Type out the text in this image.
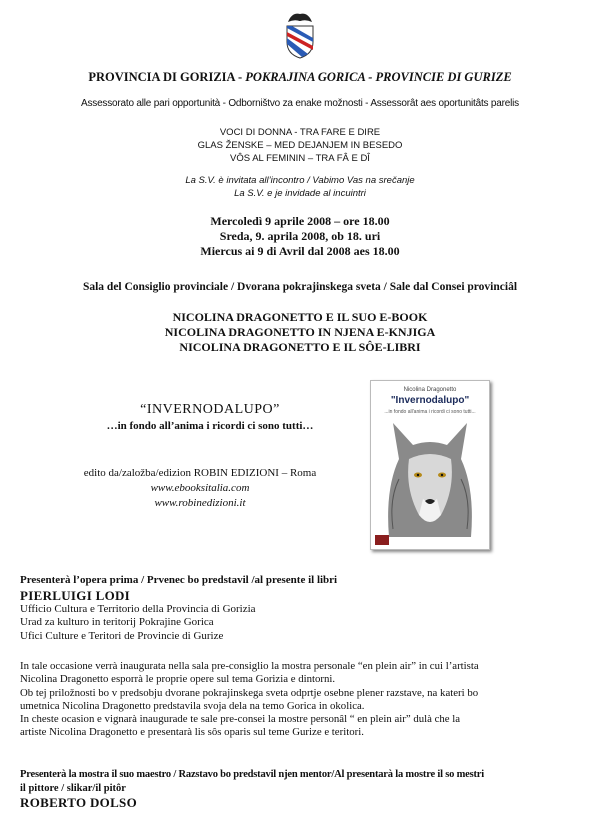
PROVINCIA DI GORIZIA - POKRAJINA GORICA - PROVINCIE DI GURIZE
Assessorato alle pari opportunità - Odborništvo za enake možnosti - Assessorât aes oportunitâts parelis
VOCI DI DONNA - TRA FARE E DIRE
GLAS ŽENSKE – MED DEJANJEM IN BESEDO
VÔS AL FEMININ – TRA FÂ E DÎ
La S.V. è invitata all’incontro / Vabimo Vas na srečanje
La S.V. e je invidade al incuintri
Mercoledì 9 aprile 2008 – ore 18.00
Sreda, 9. aprila 2008, ob 18. uri
Miercus ai 9 di Avril dal 2008 aes 18.00
Sala del Consiglio provinciale / Dvorana pokrajinskega sveta / Sale dal Consei provinciâl
NICOLINA DRAGONETTO E IL SUO E-BOOK
NICOLINA DRAGONETTO IN NJENA E-KNJIGA
NICOLINA DRAGONETTO E IL SÔE-LIBRI
“INVERNODALUPO”
…in fondo all’anima i ricordi ci sono tutti…
edito da/založba/edizion ROBIN EDIZIONI – Roma
www.ebooksitalia.com
www.robinedizioni.it
Nicolina Dragonetto
"Invernodalupo"
...in fondo all'anima i ricordi ci sono tutti...
Presenterà l’opera prima / Prvenec bo predstavil /al presente il libri
PIERLUIGI LODI
Ufficio Cultura e Territorio della Provincia di Gorizia
Urad za kulturo in teritorij Pokrajine Gorica
Ufici Culture e Teritori de Provincie di Gurize
In tale occasione verrà inaugurata nella sala pre-consiglio la mostra personale “en plein air” in cui l’artista
Nicolina Dragonetto esporrà le proprie opere sul tema Gorizia e dintorni.
Ob tej priložnosti bo v predsobju dvorane pokrajinskega sveta odprtje osebne plener razstave, na kateri bo
umetnica Nicolina Dragonetto predstavila svoja dela na temo Gorica in okolica.
In cheste ocasion e vignarà inaugurade te sale pre-consei la mostre personâl “ en plein air” dulà che la
artiste Nicolina Dragonetto e presentarà lis sôs oparis sul teme Gurize e teritori.
Presenterà la mostra il suo maestro / Razstavo bo predstavil njen mentor/Al presentarà la mostre il so mestri
il pittore / slikar/il pitôr
ROBERTO DOLSO
